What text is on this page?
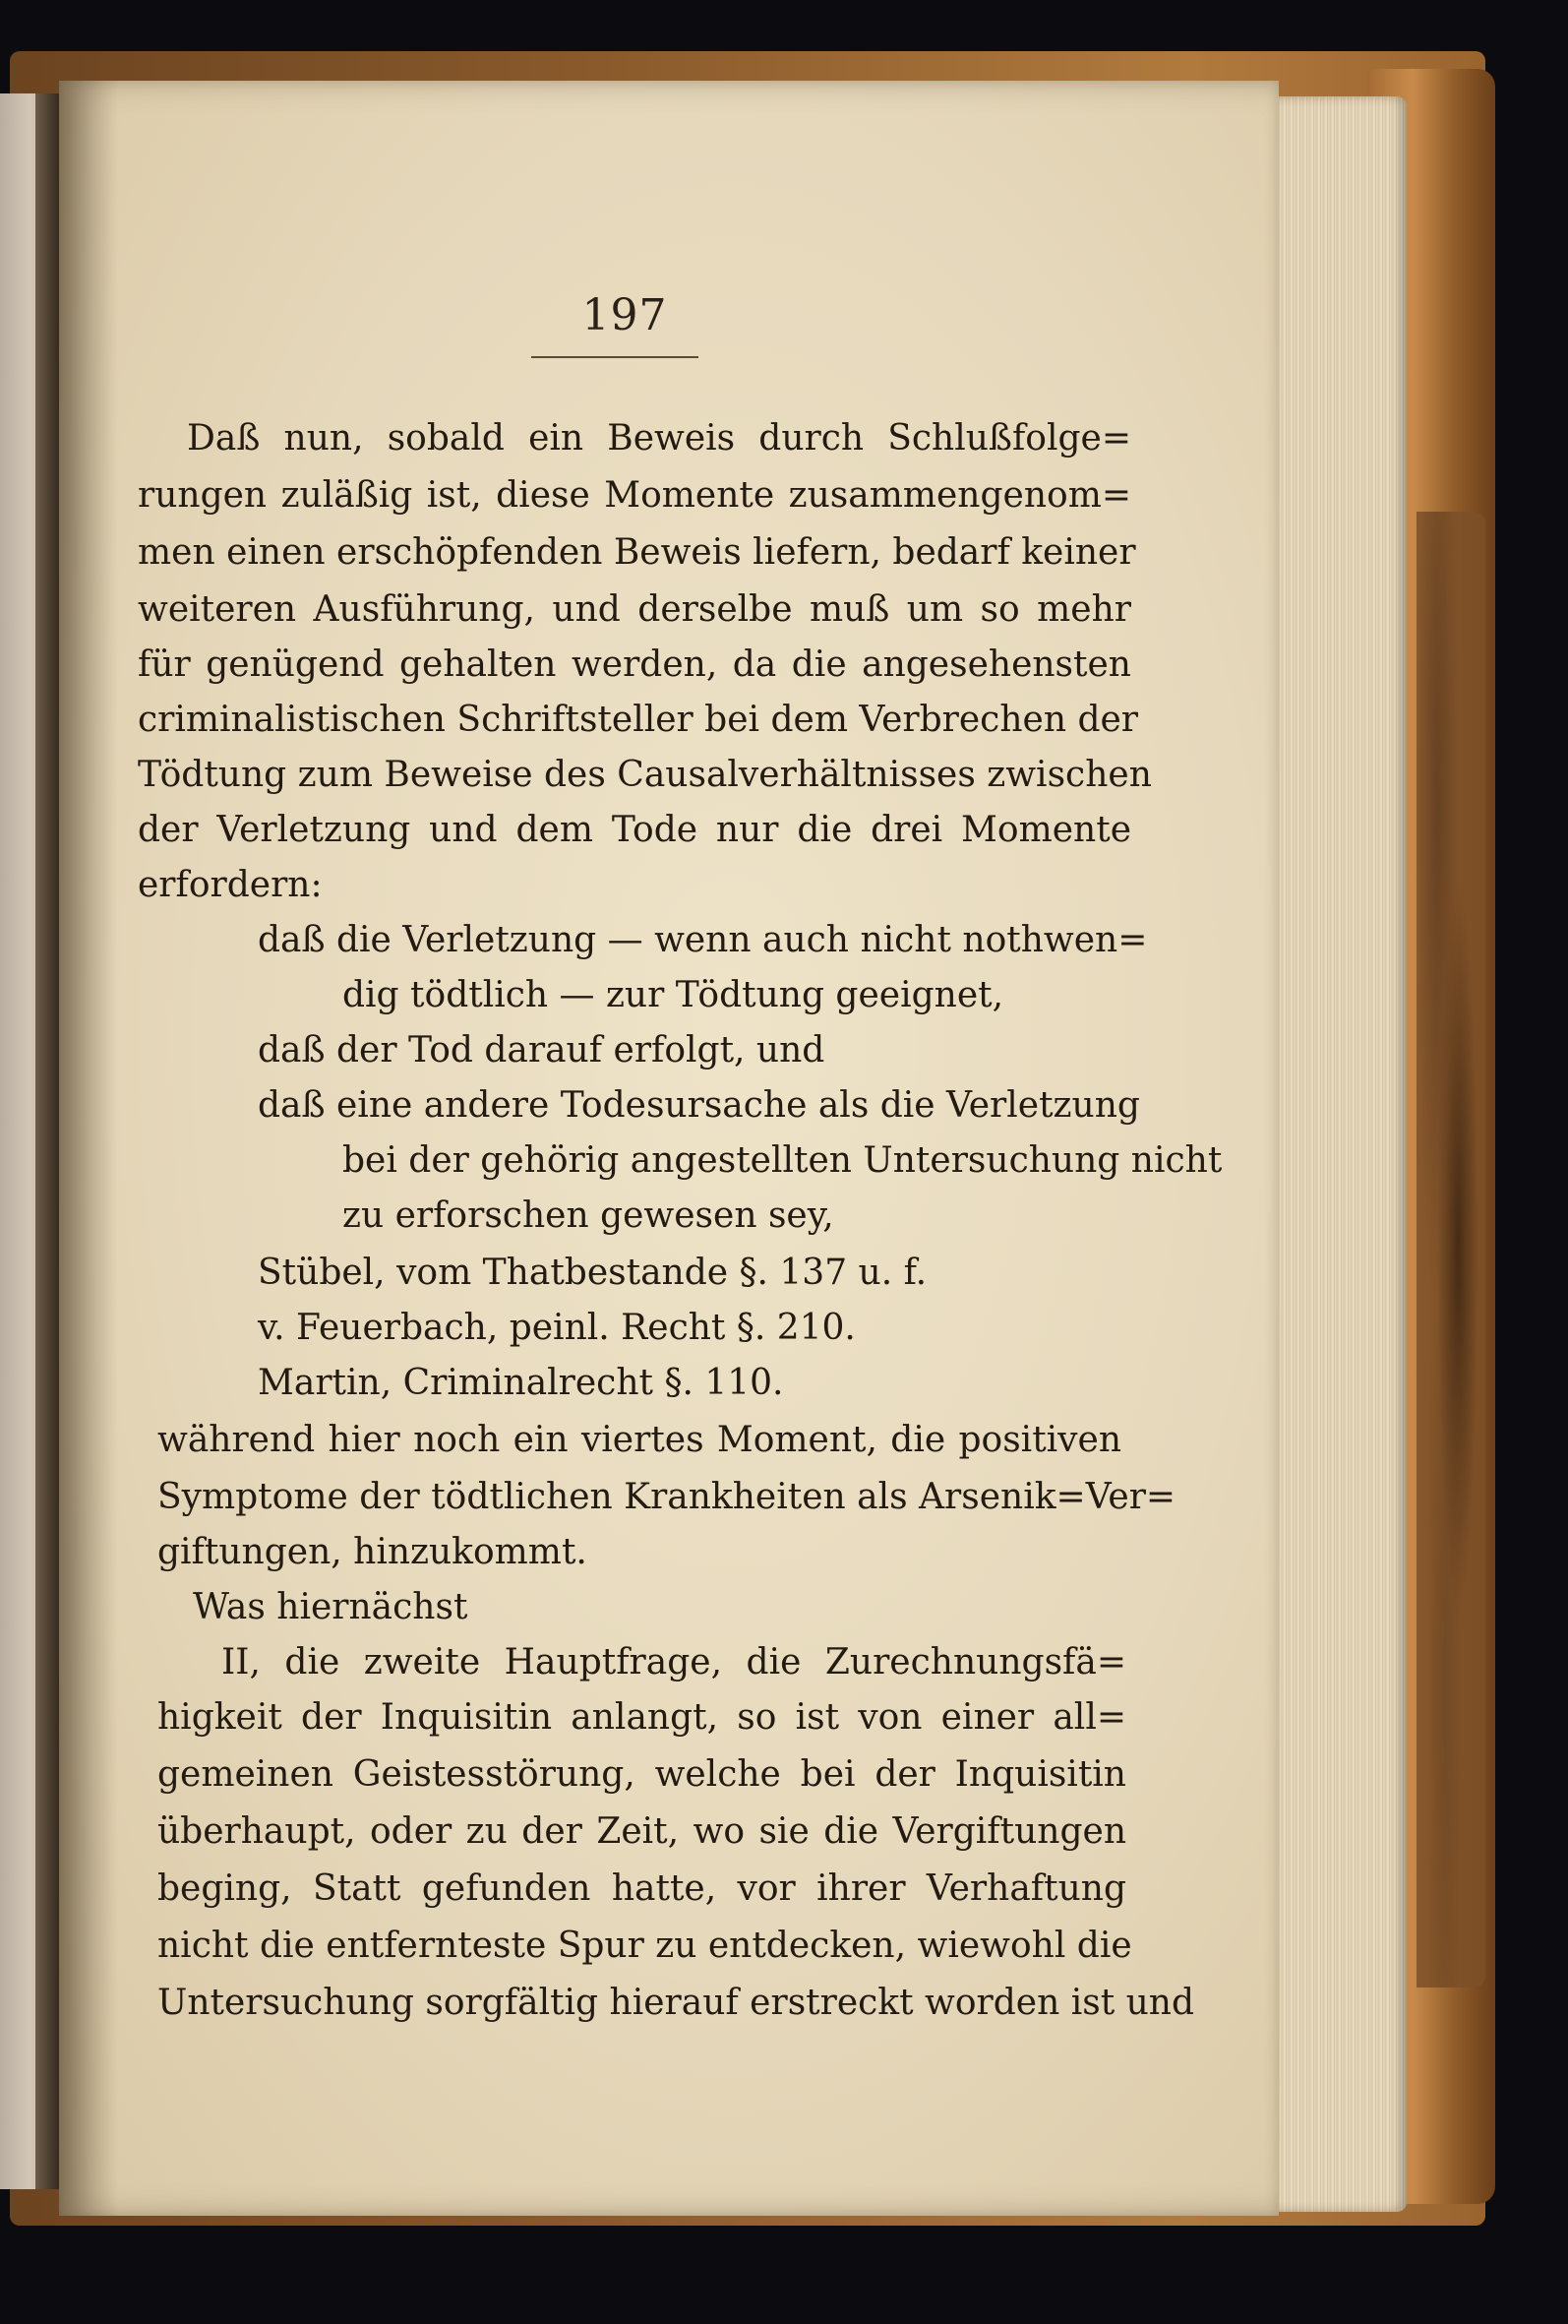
197
Daß nun, sobald ein Beweis durch Schlußfolge=
rungen zuläßig ist, diese Momente zusammengenom=
men einen erschöpfenden Beweis liefern, bedarf keiner
weiteren Ausführung, und derselbe muß um so mehr
für genügend gehalten werden, da die angesehensten
criminalistischen Schriftsteller bei dem Verbrechen der
Tödtung zum Beweise des Causalverhältnisses zwischen
der Verletzung und dem Tode nur die drei Momente
erfordern:
daß die Verletzung — wenn auch nicht nothwen=
dig tödtlich — zur Tödtung geeignet,
daß der Tod darauf erfolgt, und
daß eine andere Todesursache als die Verletzung
bei der gehörig angestellten Untersuchung nicht
zu erforschen gewesen sey,
Stübel, vom Thatbestande §. 137 u. f.
v. Feuerbach, peinl. Recht §. 210.
Martin, Criminalrecht §. 110.
während hier noch ein viertes Moment, die positiven
Symptome der tödtlichen Krankheiten als Arsenik=Ver=
giftungen, hinzukommt.
Was hiernächst
II, die zweite Hauptfrage, die Zurechnungsfä=
higkeit der Inquisitin anlangt, so ist von einer all=
gemeinen Geistesstörung, welche bei der Inquisitin
überhaupt, oder zu der Zeit, wo sie die Vergiftungen
beging, Statt gefunden hatte, vor ihrer Verhaftung
nicht die entfernteste Spur zu entdecken, wiewohl die
Untersuchung sorgfältig hierauf erstreckt worden ist und
